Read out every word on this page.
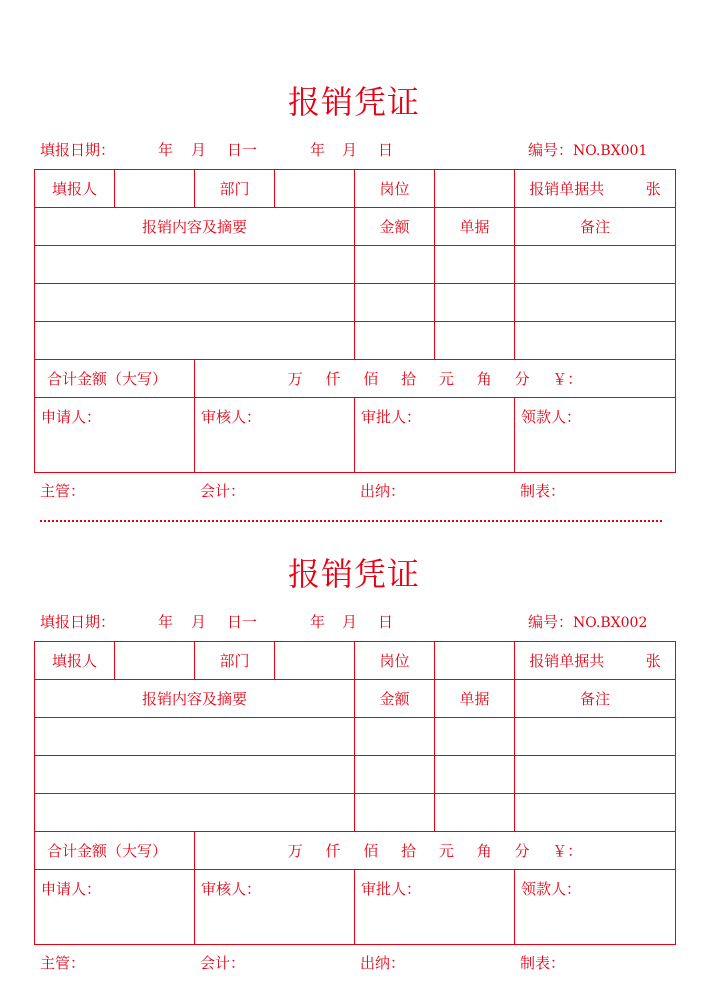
报销凭证
填报日期：	年 月 日一	年 月 日	编号：NO.BX001
填报人		部门		岗位		报销单据共 张
报销内容及摘要				金额	单据	备注

合计金额（大写）		万 仟 佰 拾 元 角 分 ￥：				
申请人：		审核人：		审批人：		领款人：
主管：	会计：	出纳：	制表：
报销凭证
填报日期：	年 月 日一	年 月 日	编号：NO.BX002
填报人		部门		岗位		报销单据共 张
报销内容及摘要				金额	单据	备注

合计金额（大写）		万 仟 佰 拾 元 角 分 ￥：				
申请人：		审核人：		审批人：		领款人：
主管：	会计：	出纳：	制表：
